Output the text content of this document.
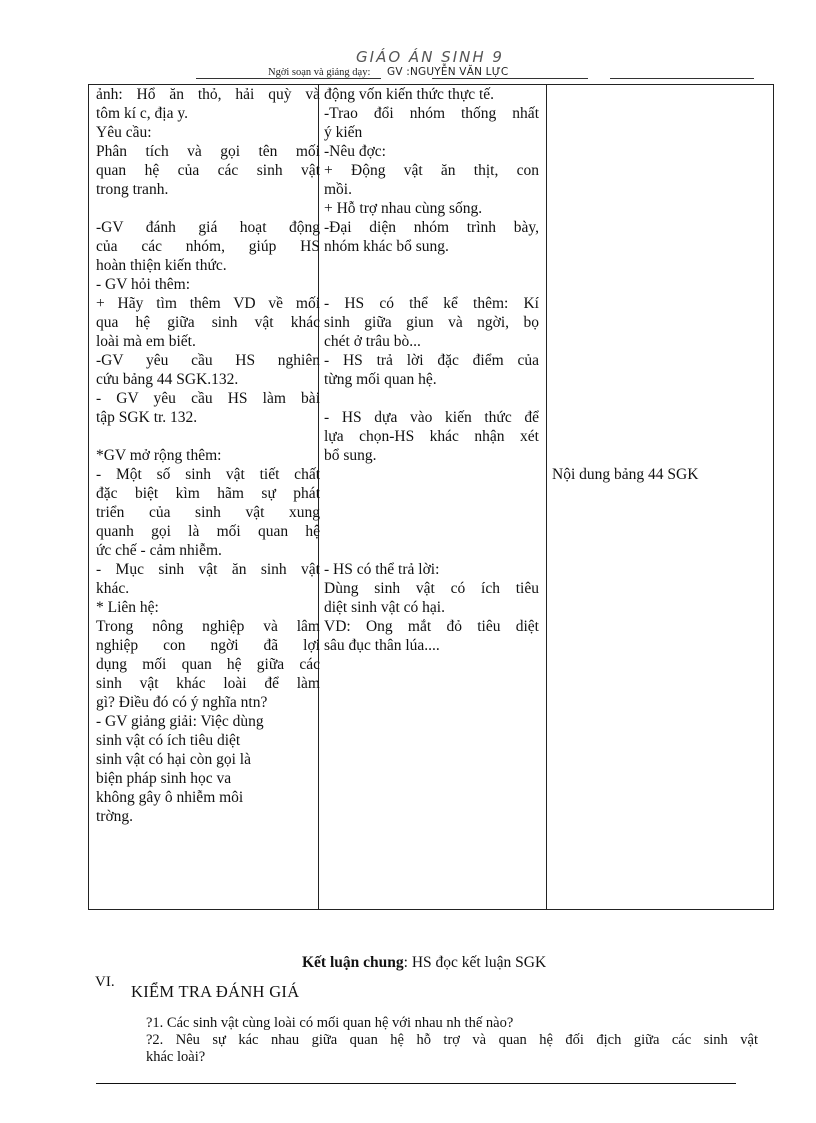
GIÁO ÁN SINH 9
Ngời soạn và giảng dạy: GV :NGUYỄN VĂN LỰC
ảnh: Hổ ăn thỏ, hải quỳ và
tôm kí c, địa y.
Yêu cầu:
Phân tích và gọi tên mối
quan hệ của các sinh vật
trong tranh.
-GV đánh giá hoạt động
của các nhóm, giúp HS
hoàn thiện kiến thức.
- GV hỏi thêm:
+ Hãy tìm thêm VD về mối
qua hệ giữa sinh vật khác
loài mà em biết.
-GV yêu cầu HS nghiên
cứu bảng 44 SGK.132.
- GV yêu cầu HS làm bài
tập SGK tr. 132.
*GV mở rộng thêm:
- Một số sinh vật tiết chất
đặc biệt kìm hãm sự phát
triển của sinh vật xung
quanh gọi là mối quan hệ
ức chế - cảm nhiễm.
- Mục sinh vật ăn sinh vật
khác.
* Liên hệ:
Trong nông nghiệp và lâm
nghiệp con ngời đã lợi
dụng mối quan hệ giữa các
sinh vật khác loài để làm
gì? Điều đó có ý nghĩa ntn?
- GV giảng giải: Việc dùng
sinh vật có ích tiêu diệt
sinh vật có hại còn gọi là
biện pháp sinh học va
không gây ô nhiễm môi
trờng.
động vốn kiến thức thực tế.
-Trao đổi nhóm thống nhất
ý kiến
-Nêu đợc:
+ Động vật ăn thịt, con
mồi.
+ Hỗ trợ nhau cùng sống.
-Đại diện nhóm trình bày,
nhóm khác bổ sung.
- HS có thể kể thêm: Kí
sinh giữa giun và ngời, bọ
chét ở trâu bò...
- HS trả lời đặc điểm của
từng mối quan hệ.
- HS dựa vào kiến thức để
lựa chọn-HS khác nhận xét
bổ sung.
- HS có thể trả lời:
Dùng sinh vật có ích tiêu
diệt sinh vật có hại.
VD: Ong mắt đỏ tiêu diệt
sâu đục thân lúa....
Nội dung bảng 44 SGK
Kết luận chung: HS đọc kết luận SGK
VI. KIỂM TRA ĐÁNH GIÁ
?1. Các sinh vật cùng loài có mối quan hệ với nhau nh thế nào?
?2. Nêu sự kác nhau giữa quan hệ hỗ trợ và quan hệ đối địch giữa các sinh vật
khác loài?
